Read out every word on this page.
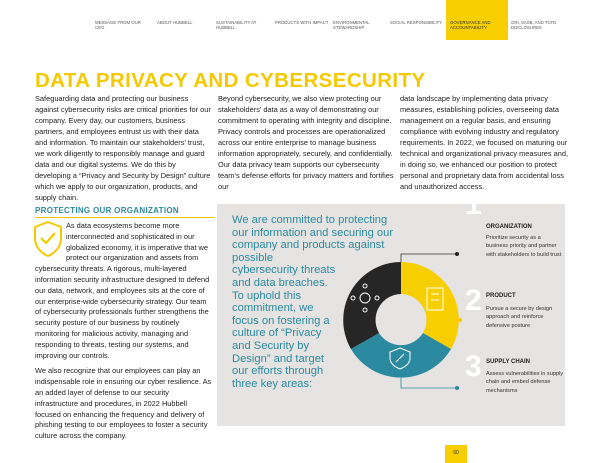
MESSAGE FROM OUR CEO
ABOUT HUBBELL	SUSTAINABILITY AT HUBBELL
PRODUCTS WITH IMPACT ENVIRONMENTAL STEWARDSHIP
SOCIAL RESPONSIBILITY	GOVERNANCE AND ACCOUNTABILITY
GRI, SASB, AND TCFD DISCLOSURES
DATA PRIVACY AND CYBERSECURITY
Safeguarding data and protecting our business against cybersecurity risks are critical priorities for our company. Every day, our customers, business partners, and employees entrust us with their data and information. To maintain our stakeholders’ trust, we work diligently to responsibly manage and guard data and our digital systems. We do this by developing a “Privacy and Security by Design” culture which we apply to our organization, products, and supply chain.
Beyond cybersecurity, we also view protecting our stakeholders’ data as a way of demonstrating our commitment to operating with integrity and discipline. Privacy controls and processes are operationalized across our entire enterprise to manage business information appropriately, securely, and confidentially. Our data privacy team supports our cybersecurity team’s defense efforts for privacy matters and fortifies our
data landscape by implementing data privacy measures, establishing policies, overseeing data management on a regular basis, and ensuring compliance with evolving industry and regulatory requirements. In 2022, we focused on maturing our technical and organizational privacy measures and, in doing so, we enhanced our position to protect personal and proprietary data from accidental loss and unauthorized access.
PROTECTING OUR ORGANIZATION

As data ecosystems become more interconnected and sophisticated in our globalized economy, it is imperative that we protect our organization and assets from cybersecurity threats. A rigorous, multi-layered information security infrastructure designed to defend our data, network, and employees sits at the core of our enterprise-wide cybersecurity strategy. Our team of cybersecurity professionals further strengthens the security posture of our business by routinely monitoring for malicious activity, managing and responding to threats, testing our systems, and improving our controls.

We also recognize that our employees can play an indispensable role in ensuring our cyber resilience. As an added layer of defense to our security infrastructure and procedures, in 2022 Hubbell focused on enhancing the frequency and delivery of phishing testing to our employees to foster a security culture across the company.

We are committed to protecting our information and securing our company and products against possible cybersecurity threats and data breaches. To uphold this commitment, we focus on fostering a culture of “Privacy and Security by Design” and target our efforts through three key areas:
1
ORGANIZATION
Prioritize security as a business priority and partner with stakeholders to build trust
2 PRODUCT
Pursue a secure by design approach and reinforce defensive posture
3 SUPPLY CHAIN
Assess vulnerabilities in supply chain and embed defense mechanisms
60
